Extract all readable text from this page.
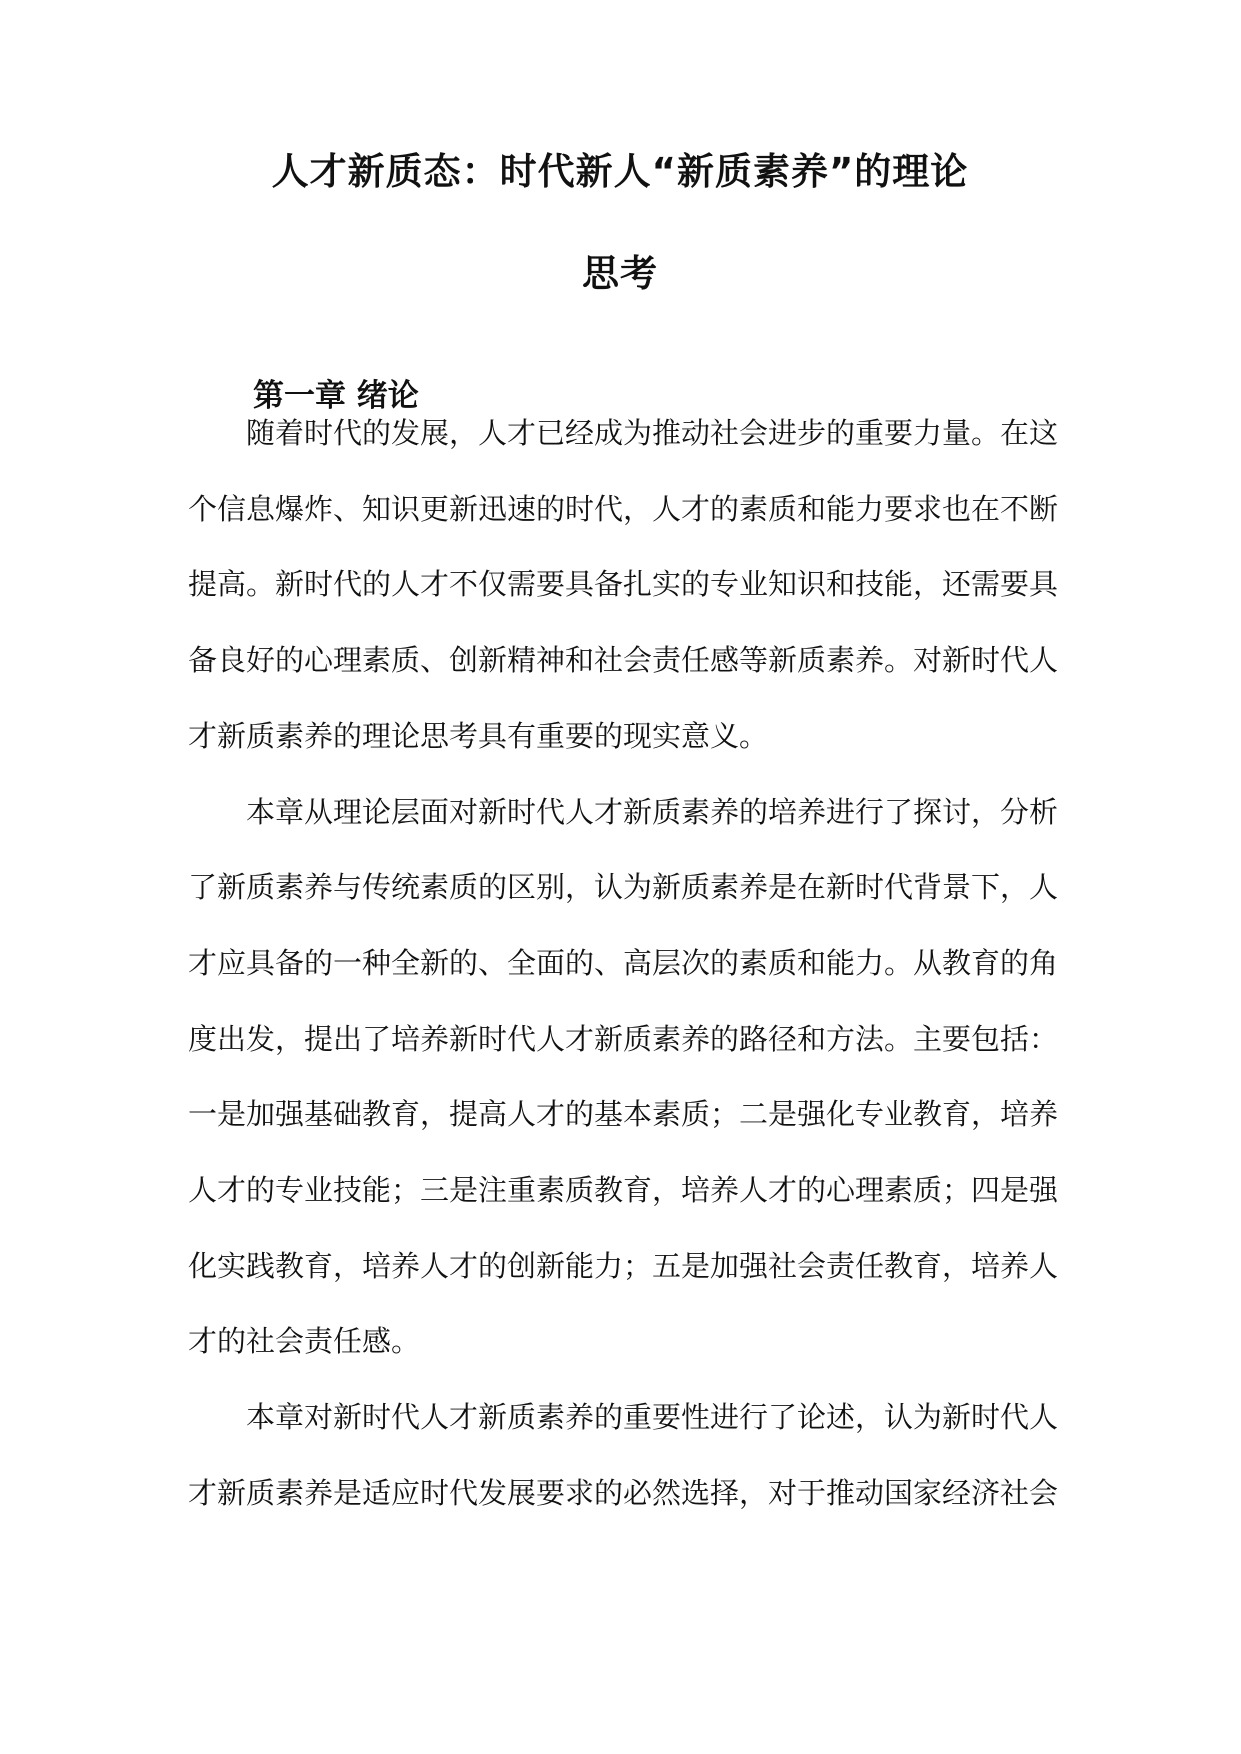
人才新质态：时代新人“新质素养”的理论
思考
第一章 绪论
随着时代的发展，人才已经成为推动社会进步的重要力量。在这
个信息爆炸、知识更新迅速的时代，人才的素质和能力要求也在不断
提高。新时代的人才不仅需要具备扎实的专业知识和技能，还需要具
备良好的心理素质、创新精神和社会责任感等新质素养。对新时代人
才新质素养的理论思考具有重要的现实意义。
本章从理论层面对新时代人才新质素养的培养进行了探讨，分析
了新质素养与传统素质的区别，认为新质素养是在新时代背景下，人
才应具备的一种全新的、全面的、高层次的素质和能力。从教育的角
度出发，提出了培养新时代人才新质素养的路径和方法。主要包括：
一是加强基础教育，提高人才的基本素质；二是强化专业教育，培养
人才的专业技能；三是注重素质教育，培养人才的心理素质；四是强
化实践教育，培养人才的创新能力；五是加强社会责任教育，培养人
才的社会责任感。
本章对新时代人才新质素养的重要性进行了论述，认为新时代人
才新质素养是适应时代发展要求的必然选择，对于推动国家经济社会
